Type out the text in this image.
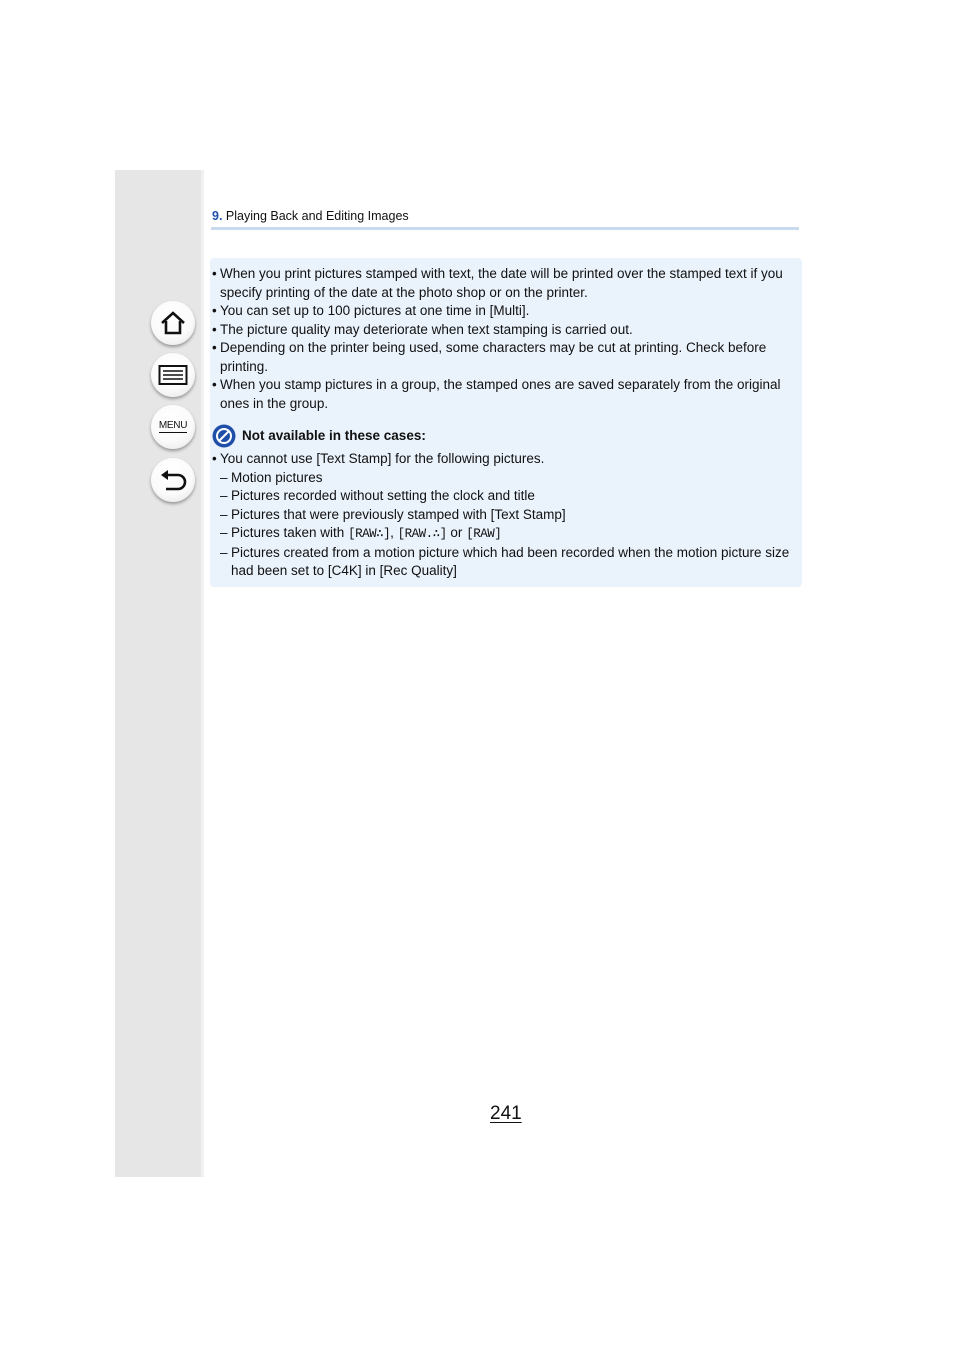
MENU
9. Playing Back and Editing Images
• When you print pictures stamped with text, the date will be printed over the stamped text if you specify printing of the date at the photo shop or on the printer.
• You can set up to 100 pictures at one time in [Multi].
• The picture quality may deteriorate when text stamping is carried out.
• Depending on the printer being used, some characters may be cut at printing. Check before printing.
• When you stamp pictures in a group, the stamped ones are saved separately from the original ones in the group.
Not available in these cases:
• You cannot use [Text Stamp] for the following pictures.
– Motion pictures
– Pictures recorded without setting the clock and title
– Pictures that were previously stamped with [Text Stamp]
– Pictures taken with [RAW∴], [RAW.∴] or [RAW]
– Pictures created from a motion picture which had been recorded when the motion picture size had been set to [C4K] in [Rec Quality]
241
